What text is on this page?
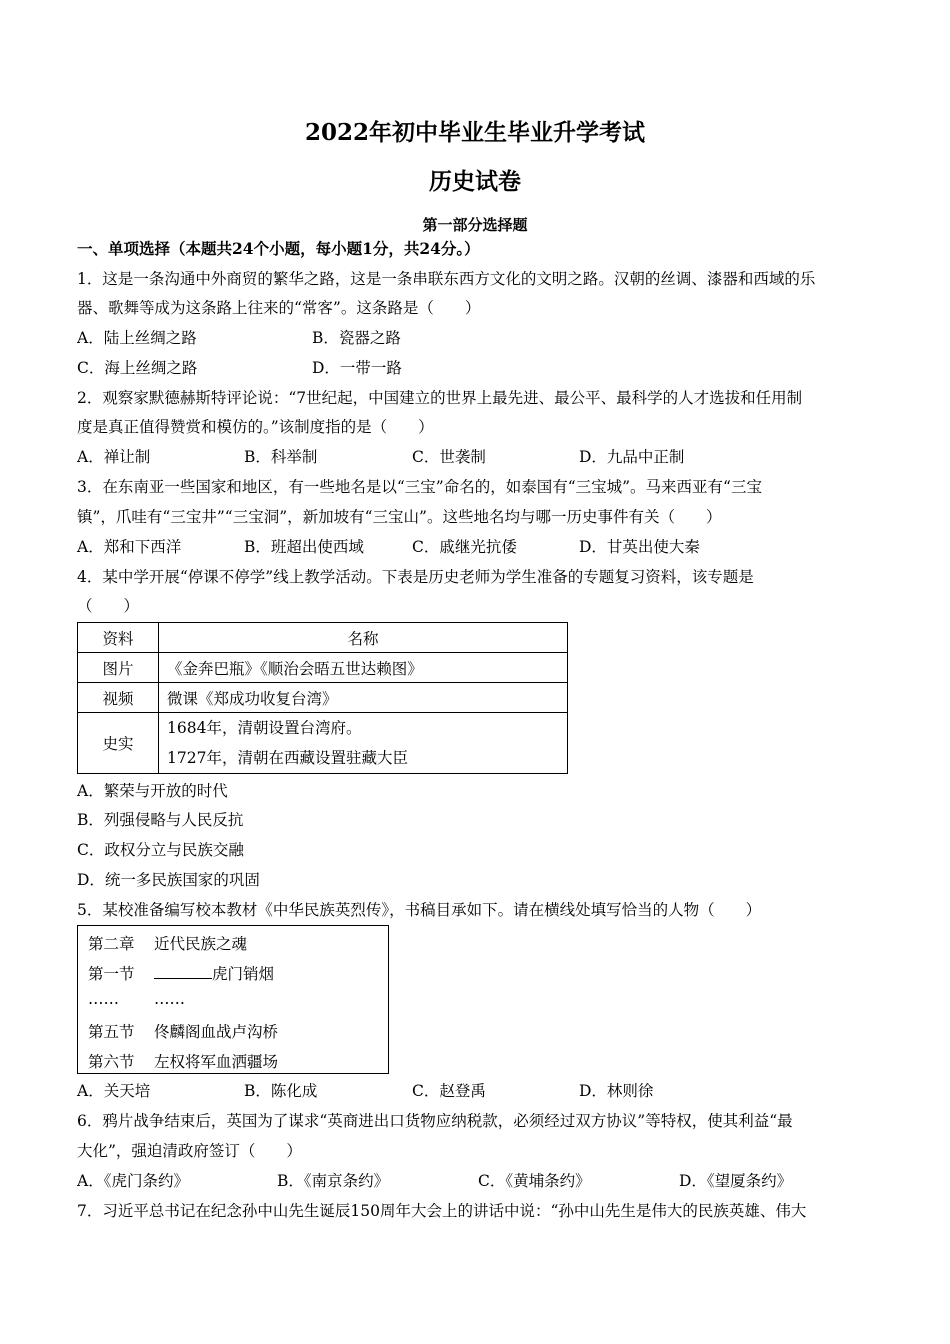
2022年初中毕业生毕业升学考试
历史试卷
第一部分选择题
一、单项选择（本题共24个小题，每小题1分，共24分。）
1．这是一条沟通中外商贸的繁华之路，这是一条串联东西方文化的文明之路。汉朝的丝调、漆器和西域的乐
器、歌舞等成为这条路上往来的“常客”。这条路是（　　）
A．陆上丝绸之路	B．瓷器之路
C．海上丝绸之路	D．一带一路
2．观察家默德赫斯特评论说：“7世纪起，中国建立的世界上最先进、最公平、最科学的人才选拔和任用制
度是真正值得赞赏和模仿的。”该制度指的是（　　）
A．禅让制	B．科举制	C．世袭制	D．九品中正制
3．在东南亚一些国家和地区，有一些地名是以“三宝”命名的，如泰国有“三宝城”。马来西亚有“三宝
镇”，爪哇有“三宝井”“三宝洞”，新加坡有“三宝山”。这些地名均与哪一历史事件有关（　　）
A．郑和下西洋	B．班超出使西域	C．戚继光抗倭	D．甘英出使大秦
4．某中学开展“停课不停学”线上教学活动。下表是历史老师为学生准备的专题复习资料，该专题是
（　　）
资料	名称
图片	《金奔巴瓶》《顺治会晤五世达赖图》
视频	微课《郑成功收复台湾》
史实	1684年，清朝设置台湾府。
1727年，清朝在西藏设置驻藏大臣
A．繁荣与开放的时代
B．列强侵略与人民反抗
C．政权分立与民族交融
D．统一多民族国家的巩固
5．某校准备编写校本教材《中华民族英烈传》，书稿目承如下。请在横线处填写恰当的人物（　　）
第二章 近代民族之魂
第一节	虎门销烟
…… ……
第五节 佟麟阁血战卢沟桥
第六节 左权将军血洒疆场
A．关天培	B．陈化成	C．赵登禹	D．林则徐
6．鸦片战争结束后，英国为了谋求“英商进出口货物应纳税款，必须经过双方协议”等特权，使其利益“最
大化”，强迫清政府签订（　　）
A．《虎门条约》	B．《南京条约》	C．《黄埔条约》	D．《望厦条约》
7．习近平总书记在纪念孙中山先生诞辰150周年大会上的讲话中说：“孙中山先生是伟大的民族英雄、伟大
